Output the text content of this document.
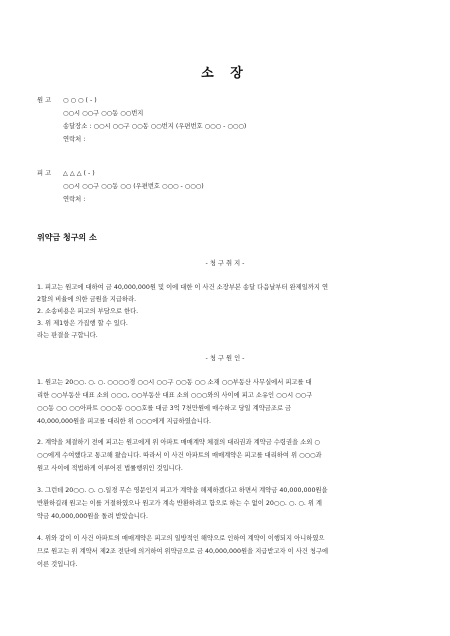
소 장
원 고 ○ ○ ○ ( - )
○○시 ○○구 ○○동 ○○번지
송달장소 : ○○시 ○○구 ○○동 ○○번지 (우편번호 ○○○ - ○○○)
연락처 :
피 고 △ △ △ ( - )
○○시 ○○구 ○○동 ○○ (우편번호 ○○○ - ○○○)
연락처 :
위약금 청구의 소
- 청 구 취 지 -
1. 피고는 원고에 대하여 금 40,000,000원 및 이에 대한 이 사건 소장부본 송달 다음날부터 완제일까지 연
2할의 비율에 의한 금원을 지급하라.
2. 소송비용은 피고의 부담으로 한다.
3. 위 제1항은 가집행 할 수 있다.
라는 판결을 구합니다.
- 청 구 원 인 -
1. 원고는 20○○. ○. ○. ○○○○경 ○○시 ○○구 ○○동 ○○ 소재 ○○부동산 사무실에서 피고를 대
리한 ○○부동산 대표 소외 ○○○, ○○부동산 대표 소외 ○○○와의 사이에 피고 소유인 ○○시 ○○구
○○동 ○○ ○○아파트 ○○○동 ○○○호를 대금 3억 7천만원에 매수하고 당일 계약금조로 금
40,000,000원을 피고를 대리한 위 ○○○에게 지급하였습니다.
2. 계약을 체결하기 전에 피고는 원고에게 위 아파트 매매계약 체결의 대리권과 계약금 수령권을 소외 ○
○○에게 수여했다고 통고해 왔습니다. 따라서 이 사건 아파트의 매매계약은 피고를 대리하여 위 ○○○과
원고 사이에 적법하게 이루어진 법률행위인 것입니다.
3. 그런데 20○○. ○. ○.일경 무슨 영문인지 피고가 계약을 해제하겠다고 하면서 계약금 40,000,000원을
반환하길래 원고는 이를 거절하였으나 원고가 계속 반환하려고 함으로 하는 수 없이 20○○. ○. ○. 위 계
약금 40,000,000원을 돌려 받았습니다.
4. 위와 같이 이 사건 아파트의 매매계약은 피고의 일방적인 해약으로 인하여 계약이 이행되지 아니하였으
므로 원고는 위 계약서 제2조 전단에 의거하여 위약금으로 금 40,000,000원을 지급받고자 이 사건 청구에
이른 것입니다.
